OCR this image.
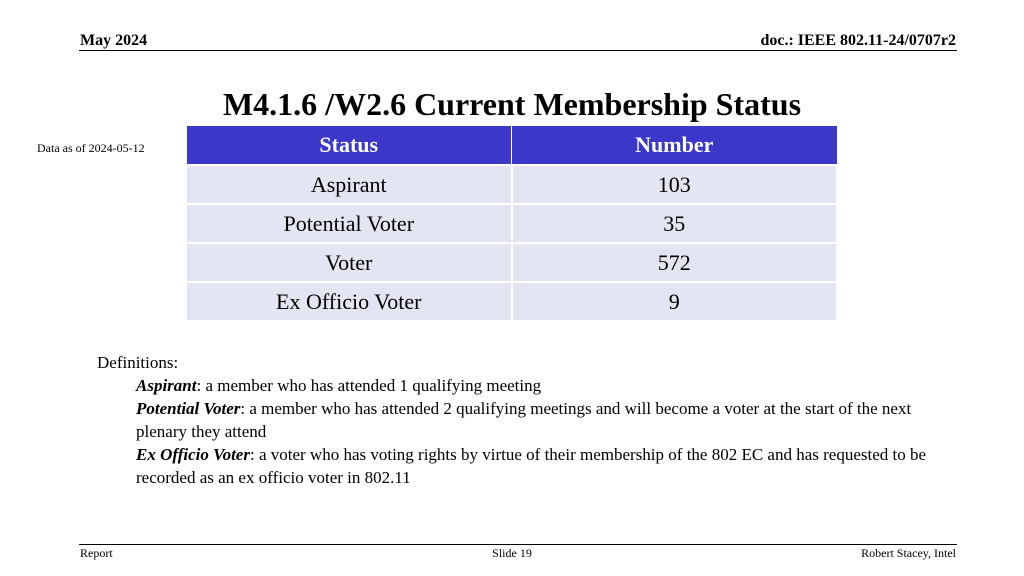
May 2024	doc.: IEEE 802.11-24/0707r2
M4.1.6 /W2.6 Current Membership Status
Data as of 2024-05-12	Status	Number
Aspirant	103
Potential Voter	35
Voter	572
Ex Officio Voter	9
Definitions:
Aspirant: a member who has attended 1 qualifying meeting
Potential Voter: a member who has attended 2 qualifying meetings and will become a voter at the start of the next plenary they attend
Ex Officio Voter: a voter who has voting rights by virtue of their membership of the 802 EC and has requested to be recorded as an ex officio voter in 802.11
Report	Slide 19	Robert Stacey, Intel
